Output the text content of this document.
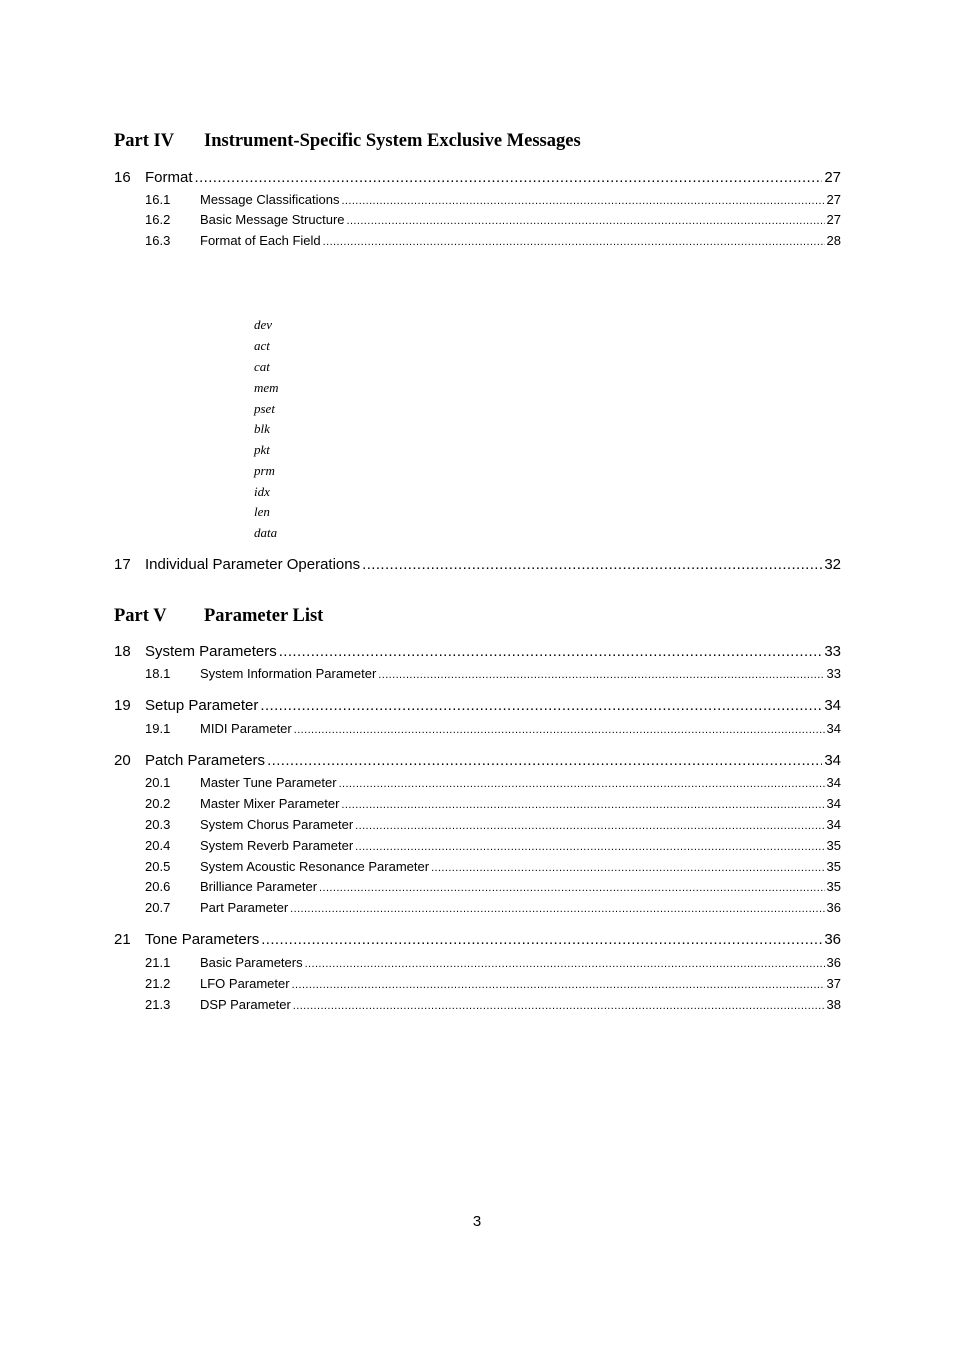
Part IV Instrument-Specific System Exclusive Messages
16 Format .....	27
16.1	Message Classifications .....	27
16.2	Basic Message Structure .....	27
16.3	Format of Each Field .....	28
dev
act
cat
mem
pset
blk
pkt
prm
idx
len
data
17 Individual Parameter Operations .....	32
Part V Parameter List
18 System Parameters .....	33
18.1	System Information Parameter .....	33
19 Setup Parameter .....	34
19.1	MIDI Parameter .....	34
20 Patch Parameters .....	34
20.1	Master Tune Parameter .....	34
20.2	Master Mixer Parameter .....	34
20.3	System Chorus Parameter .....	34
20.4	System Reverb Parameter .....	35
20.5	System Acoustic Resonance Parameter .....	35
20.6	Brilliance Parameter .....	35
20.7	Part Parameter .....	36
21 Tone Parameters .....	36
21.1	Basic Parameters .....	36
21.2	LFO Parameter .....	37
21.3	DSP Parameter .....	38
3
